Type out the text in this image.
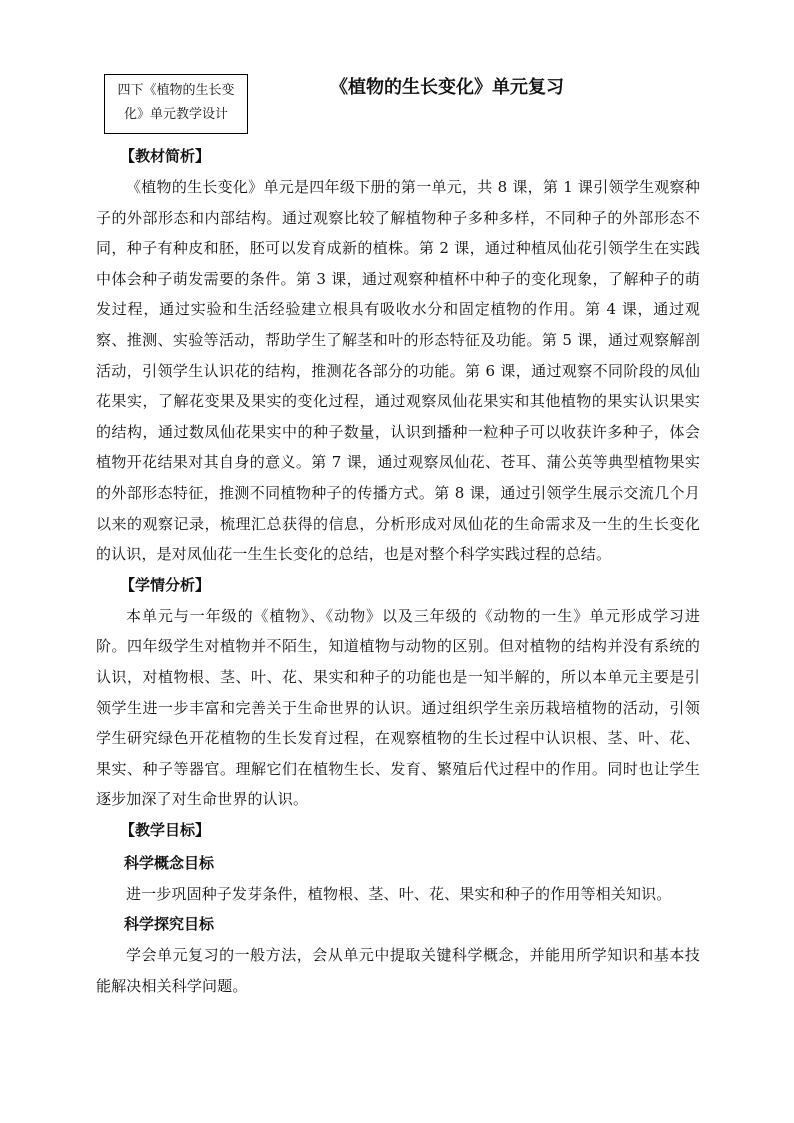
四下《植物的生长变
化》单元教学设计
《植物的生长变化》单元复习
【教材简析】

《植物的生长变化》单元是四年级下册的第一单元，共 8 课，第 1 课引领学生观察种子的外部形态和内部结构。通过观察比较了解植物种子多种多样，不同种子的外部形态不同，种子有种皮和胚，胚可以发育成新的植株。第 2 课，通过种植凤仙花引领学生在实践中体会种子萌发需要的条件。第 3 课，通过观察种植杯中种子的变化现象，了解种子的萌发过程，通过实验和生活经验建立根具有吸收水分和固定植物的作用。第 4 课，通过观察、推测、实验等活动，帮助学生了解茎和叶的形态特征及功能。第 5 课，通过观察解剖活动，引领学生认识花的结构，推测花各部分的功能。第 6 课，通过观察不同阶段的凤仙花果实，了解花变果及果实的变化过程，通过观察凤仙花果实和其他植物的果实认识果实的结构，通过数凤仙花果实中的种子数量，认识到播种一粒种子可以收获许多种子，体会植物开花结果对其自身的意义。第 7 课，通过观察凤仙花、苍耳、蒲公英等典型植物果实的外部形态特征，推测不同植物种子的传播方式。第 8 课，通过引领学生展示交流几个月以来的观察记录，梳理汇总获得的信息，分析形成对凤仙花的生命需求及一生的生长变化的认识，是对凤仙花一生生长变化的总结，也是对整个科学实践过程的总结。

【学情分析】

本单元与一年级的《植物》、《动物》以及三年级的《动物的一生》单元形成学习进阶。四年级学生对植物并不陌生，知道植物与动物的区别。但对植物的结构并没有系统的认识，对植物根、茎、叶、花、果实和种子的功能也是一知半解的，所以本单元主要是引领学生进一步丰富和完善关于生命世界的认识。通过组织学生亲历栽培植物的活动，引领学生研究绿色开花植物的生长发育过程，在观察植物的生长过程中认识根、茎、叶、花、果实、种子等器官。理解它们在植物生长、发育、繁殖后代过程中的作用。同时也让学生逐步加深了对生命世界的认识。

【教学目标】
科学概念目标

进一步巩固种子发芽条件，植物根、茎、叶、花、果实和种子的作用等相关知识。

科学探究目标

学会单元复习的一般方法，会从单元中提取关键科学概念，并能用所学知识和基本技能解决相关科学问题。
